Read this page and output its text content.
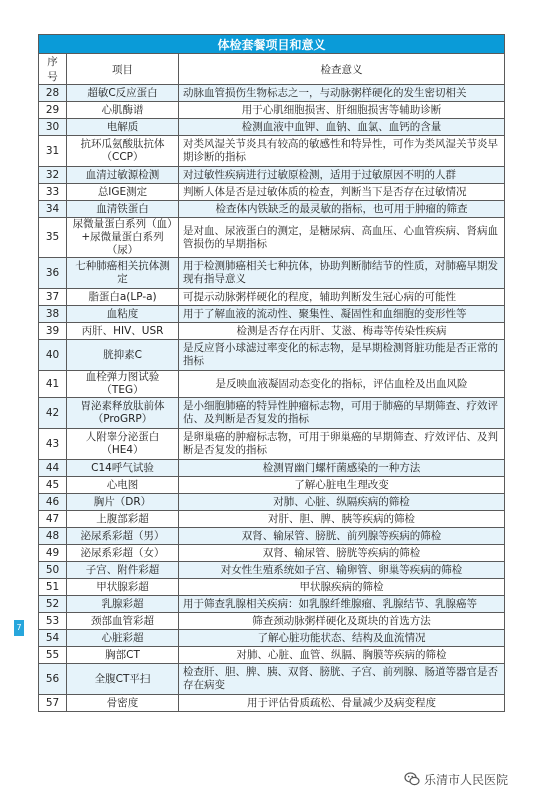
7
体检套餐项目和意义		
序号	项目	检查意义
28	超敏C反应蛋白	动脉血管损伤生物标志之一，与动脉粥样硬化的发生密切相关
29	心肌酶谱	用于心肌细胞损害、肝细胞损害等辅助诊断
30	电解质	检测血液中血钾、血钠、血氯、血钙的含量
31	抗环瓜氨酸肽抗体（CCP）	对类风湿关节炎具有较高的敏感性和特异性，可作为类风湿关节炎早期诊断的指标
32	血清过敏源检测	对过敏性疾病进行过敏原检测，适用于过敏原因不明的人群
33	总IGE测定	判断人体是否是过敏体质的检查，判断当下是否存在过敏情况
34	血清铁蛋白	检查体内铁缺乏的最灵敏的指标，也可用于肿瘤的筛查
35	尿微量蛋白系列（血）+尿微量蛋白系列（尿）	是对血、尿液蛋白的测定，是糖尿病、高血压、心血管疾病、肾病血管损伤的早期指标
36	七种肺癌相关抗体测定	用于检测肺癌相关七种抗体，协助判断肺结节的性质，对肺癌早期发现有指导意义
37	脂蛋白a(LP-a)	可提示动脉粥样硬化的程度，辅助判断发生冠心病的可能性
38	血粘度	用于了解血液的流动性、聚集性、凝固性和血细胞的变形性等
39	丙肝、HIV、USR	检测是否存在丙肝、艾滋、梅毒等传染性疾病
40	胱抑素C	是反应肾小球滤过率变化的标志物，是早期检测肾脏功能是否正常的指标
41	血栓弹力图试验（TEG）	是反映血液凝固动态变化的指标，评估血栓及出血风险
42	胃泌素释放肽前体（ProGRP）	是小细胞肺癌的特异性肿瘤标志物，可用于肺癌的早期筛查、疗效评估、及判断是否复发的指标
43	人附睾分泌蛋白（HE4）	是卵巢癌的肿瘤标志物，可用于卵巢癌的早期筛查、疗效评估、及判断是否复发的指标
44	C14呼气试验	检测胃幽门螺杆菌感染的一种方法
45	心电图	了解心脏电生理改变
46	胸片（DR）	对肺、心脏、纵隔疾病的筛检
47	上腹部彩超	对肝、胆、脾、胰等疾病的筛检
48	泌尿系彩超（男）	双肾、输尿管、膀胱、前列腺等疾病的筛检
49	泌尿系彩超（女）	双肾、输尿管、膀胱等疾病的筛检
50	子宫、附件彩超	对女性生殖系统如子宫、输卵管、卵巢等疾病的筛检
51	甲状腺彩超	甲状腺疾病的筛检
52	乳腺彩超	用于筛查乳腺相关疾病：如乳腺纤维腺瘤、乳腺结节、乳腺癌等
53	颈部血管彩超	筛查颈动脉粥样硬化及斑块的首选方法
54	心脏彩超	了解心脏功能状态、结构及血流情况
55	胸部CT	对肺、心脏、血管、纵膈、胸膜等疾病的筛检
56	全腹CT平扫	检查肝、胆、脾、胰、双肾、膀胱、子宫、前列腺、肠道等器官是否存在病变
57	骨密度	用于评估骨质疏松、骨量减少及病变程度
乐清市人民医院
